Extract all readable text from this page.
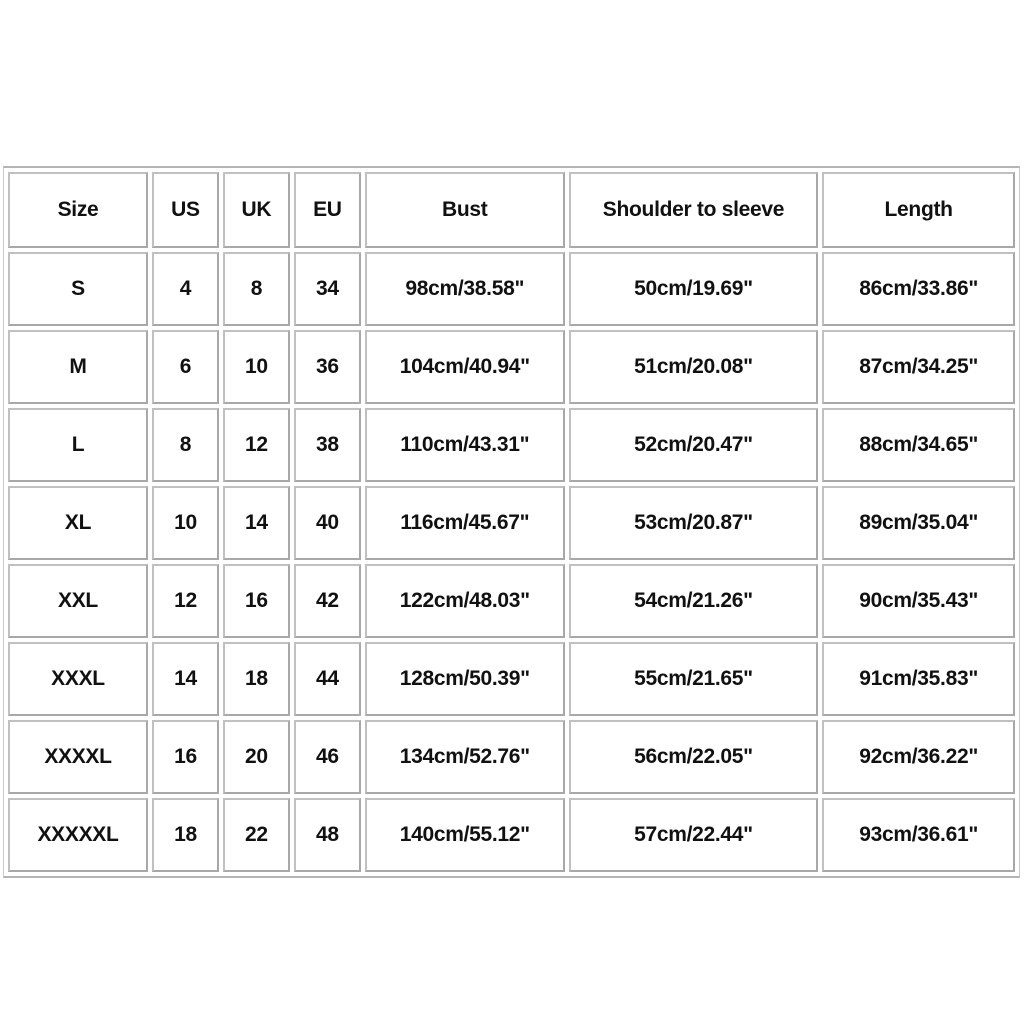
Size	US	UK	EU	Bust	Shoulder to sleeve	Length
S	4	8	34	98cm/38.58"	50cm/19.69"	86cm/33.86"
M	6	10	36	104cm/40.94"	51cm/20.08"	87cm/34.25"
L	8	12	38	110cm/43.31"	52cm/20.47"	88cm/34.65"
XL	10	14	40	116cm/45.67"	53cm/20.87"	89cm/35.04"
XXL	12	16	42	122cm/48.03"	54cm/21.26"	90cm/35.43"
XXXL	14	18	44	128cm/50.39"	55cm/21.65"	91cm/35.83"
XXXXL	16	20	46	134cm/52.76"	56cm/22.05"	92cm/36.22"
XXXXXL	18	22	48	140cm/55.12"	57cm/22.44"	93cm/36.61"
